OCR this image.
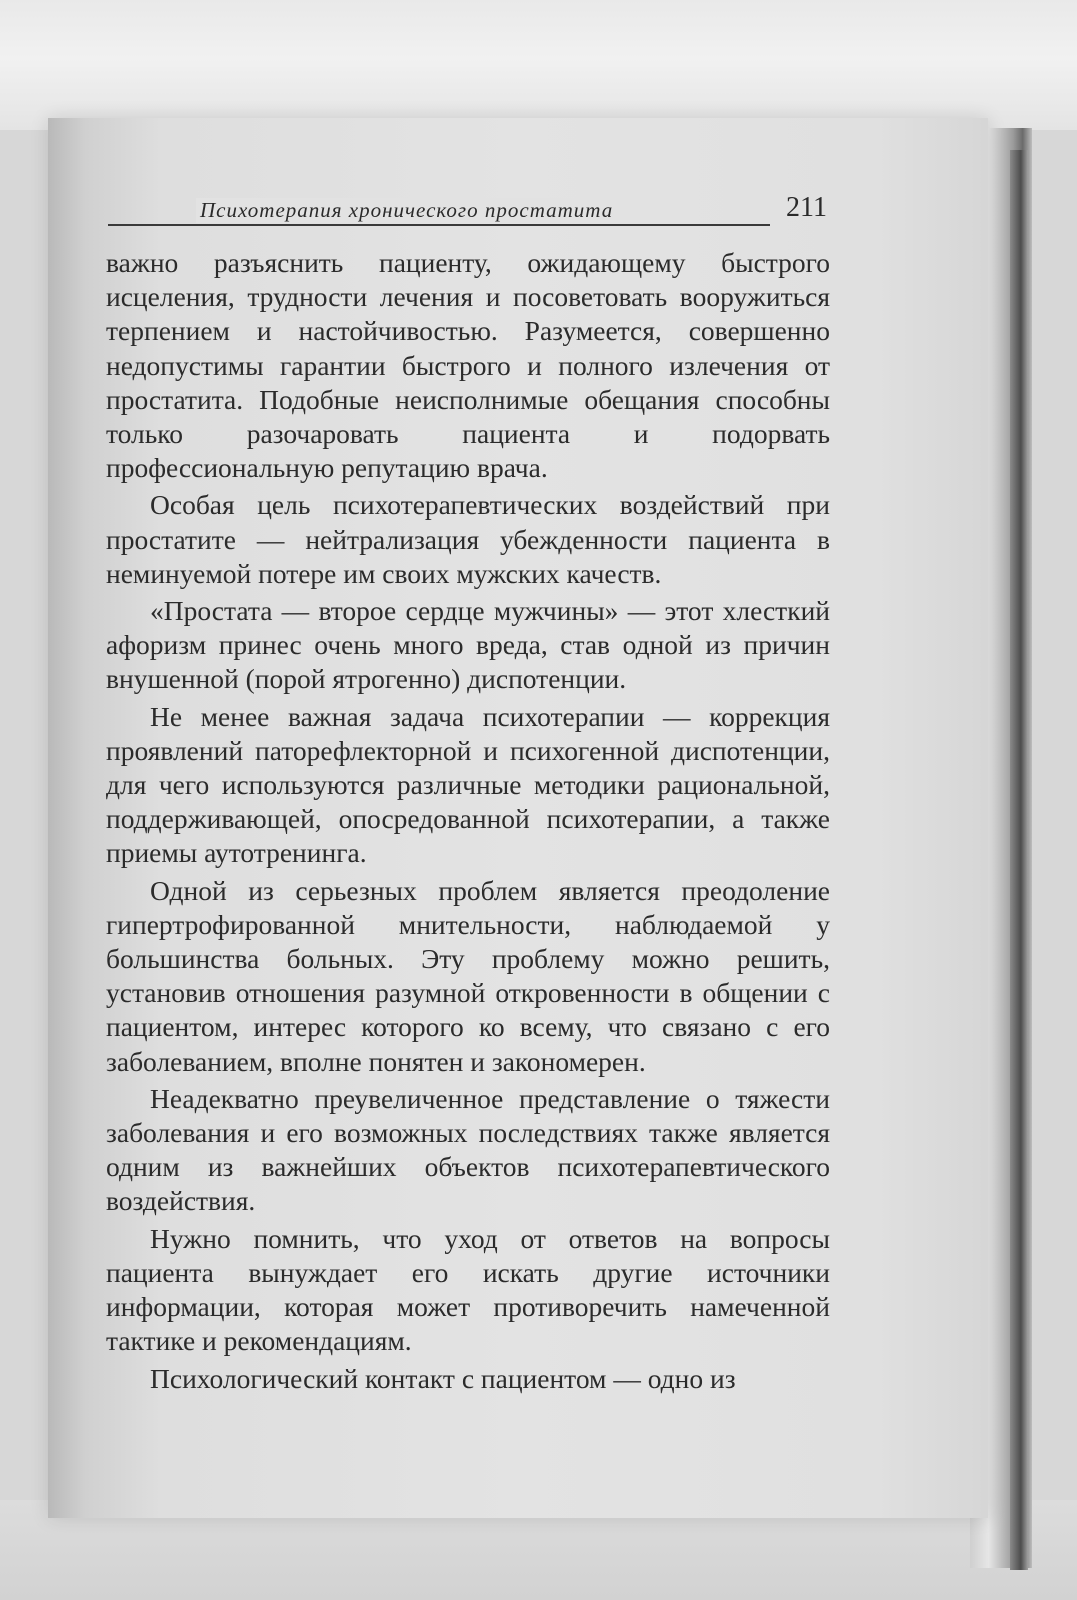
Психотерапия хронического простатита	211

важно разъяснить пациенту, ожидающему быстрого исцеления, трудности лечения и посоветовать вооружиться терпением и настойчивостью. Разумеется, совершенно недопустимы гарантии быстрого и полного излечения от простатита. Подобные неисполнимые обещания способны только разочаровать пациента и подорвать профессиональную репутацию врача.

Особая цель психотерапевтических воздействий при простатите — нейтрализация убежденности пациента в неминуемой потере им своих мужских качеств.

«Простата — второе сердце мужчины» — этот хлесткий афоризм принес очень много вреда, став одной из причин внушенной (порой ятрогенно) диспотенции.

Не менее важная задача психотерапии — коррекция проявлений паторефлекторной и психогенной диспотенции, для чего используются различные методики рациональной, поддерживающей, опосредованной психотерапии, а также приемы аутотренинга.

Одной из серьезных проблем является преодоление гипертрофированной мнительности, наблюдаемой у большинства больных. Эту проблему можно решить, установив отношения разумной откровенности в общении с пациентом, интерес которого ко всему, что связано с его заболеванием, вполне понятен и закономерен.

Неадекватно преувеличенное представление о тяжести заболевания и его возможных последствиях также является одним из важнейших объектов психотерапевтического воздействия.

Нужно помнить, что уход от ответов на вопросы пациента вынуждает его искать другие источники информации, которая может противоречить намеченной тактике и рекомендациям.

Психологический контакт с пациентом — одно из
